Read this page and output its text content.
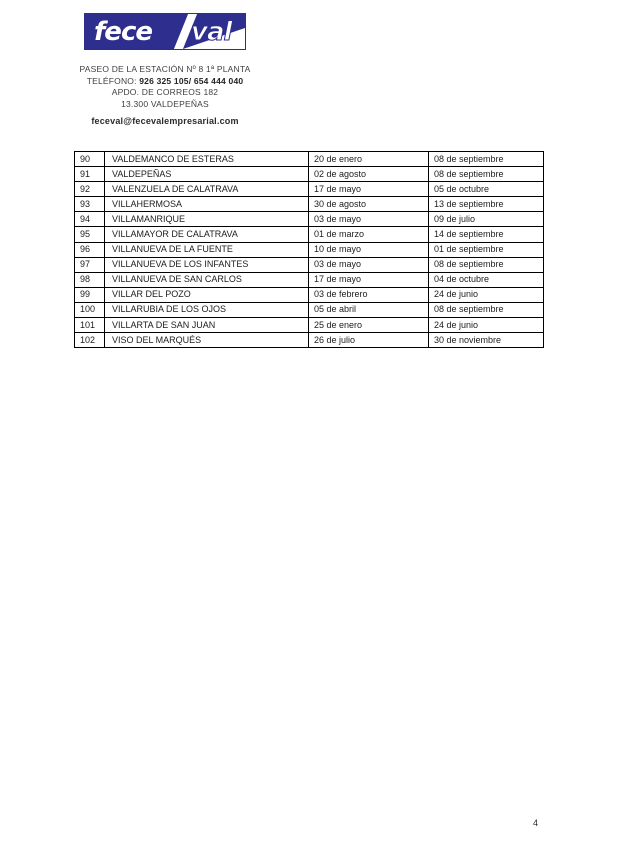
fece val
PASEO DE LA ESTACIÓN Nº 8 1ª PLANTA
TELÉFONO: 926 325 105/ 654 444 040
APDO. DE CORREOS 182
13.300 VALDEPEÑAS
feceval@fecevalempresarial.com
90	VALDEMANCO DE ESTERAS	20 de enero	08 de septiembre
91	VALDEPEÑAS	02 de agosto	08 de septiembre
92	VALENZUELA DE CALATRAVA	17 de mayo	05 de octubre
93	VILLAHERMOSA	30 de agosto	13 de septiembre
94	VILLAMANRIQUE	03 de mayo	09 de julio
95	VILLAMAYOR DE CALATRAVA	01 de marzo	14 de septiembre
96	VILLANUEVA DE LA FUENTE	10 de mayo	01 de septiembre
97	VILLANUEVA DE LOS INFANTES	03 de mayo	08 de septiembre
98	VILLANUEVA DE SAN CARLOS	17 de mayo	04 de octubre
99	VILLAR DEL POZO	03 de febrero	24 de junio
100	VILLARUBIA DE LOS OJOS	05 de abril	08 de septiembre
101	VILLARTA DE SAN JUAN	25 de enero	24 de junio
102	VISO DEL MARQUÉS	26 de julio	30 de noviembre
4
